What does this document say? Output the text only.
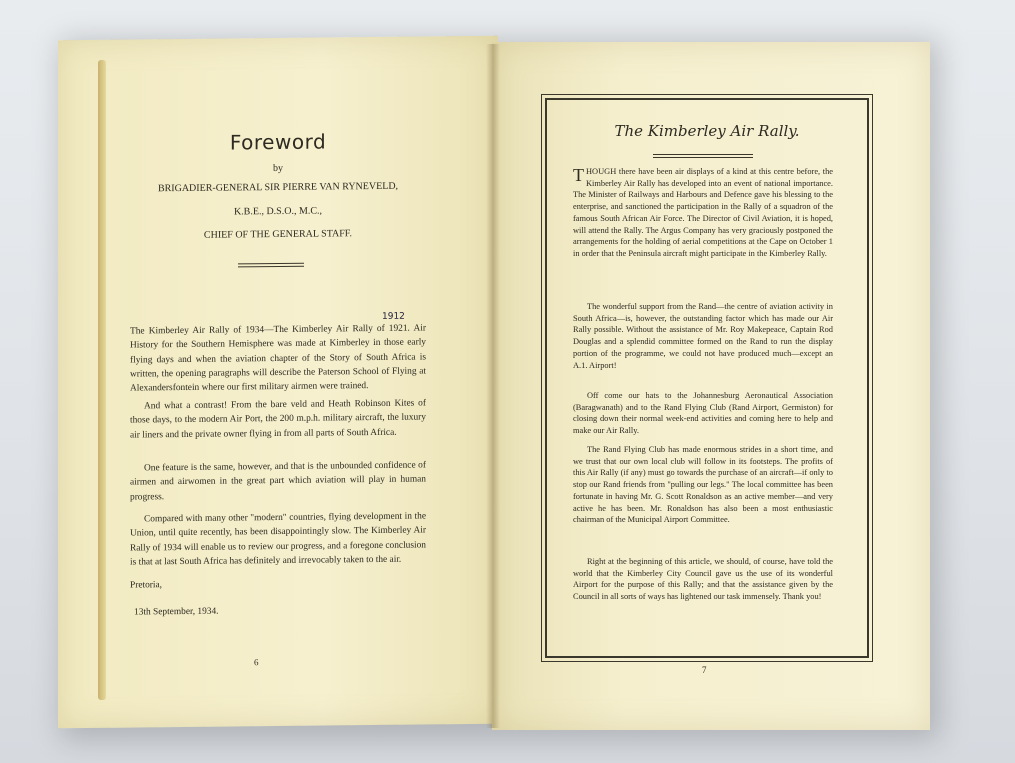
Foreword
by
BRIGADIER-GENERAL SIR PIERRE VAN RYNEVELD,
K.B.E., D.S.O., M.C.,
CHIEF OF THE GENERAL STAFF.
1912
The Kimberley Air Rally of 1934—The Kimberley Air Rally of 1921. Air History for the Southern Hemisphere was made at Kimberley in those early flying days and when the aviation chapter of the Story of South Africa is written, the opening paragraphs will describe the Paterson School of Flying at Alexandersfontein where our first military airmen were trained.
And what a contrast! From the bare veld and Heath Robinson Kites of those days, to the modern Air Port, the 200 m.p.h. military aircraft, the luxury air liners and the private owner flying in from all parts of South Africa.
One feature is the same, however, and that is the unbounded confidence of airmen and airwomen in the great part which aviation will play in human progress.
Compared with many other "modern" countries, flying development in the Union, until quite recently, has been disappointingly slow. The Kimberley Air Rally of 1934 will enable us to review our progress, and a foregone conclusion is that at last South Africa has definitely and irrevocably taken to the air.
Pretoria,
13th September, 1934.
6
The Kimberley Air Rally.
THOUGH there have been air displays of a kind at this centre before, the Kimberley Air Rally has developed into an event of national importance. The Minister of Railways and Harbours and Defence gave his blessing to the enterprise, and sanctioned the participation in the Rally of a squadron of the famous South African Air Force. The Director of Civil Aviation, it is hoped, will attend the Rally. The Argus Company has very graciously postponed the arrangements for the holding of aerial competitions at the Cape on October 1 in order that the Peninsula aircraft might participate in the Kimberley Rally.
The wonderful support from the Rand—the centre of aviation activity in South Africa—is, however, the outstanding factor which has made our Air Rally possible. Without the assistance of Mr. Roy Makepeace, Captain Rod Douglas and a splendid committee formed on the Rand to run the display portion of the programme, we could not have produced much—except an A.1. Airport!
Off come our hats to the Johannesburg Aeronautical Association (Baragwanath) and to the Rand Flying Club (Rand Airport, Germiston) for closing down their normal week-end activities and coming here to help and make our Air Rally.
The Rand Flying Club has made enormous strides in a short time, and we trust that our own local club will follow in its footsteps. The profits of this Air Rally (if any) must go towards the purchase of an aircraft—if only to stop our Rand friends from "pulling our legs." The local committee has been fortunate in having Mr. G. Scott Ronaldson as an active member—and very active he has been. Mr. Ronaldson has also been a most enthusiastic chairman of the Municipal Airport Committee.
Right at the beginning of this article, we should, of course, have told the world that the Kimberley City Council gave us the use of its wonderful Airport for the purpose of this Rally; and that the assistance given by the Council in all sorts of ways has lightened our task immensely. Thank you!
7
